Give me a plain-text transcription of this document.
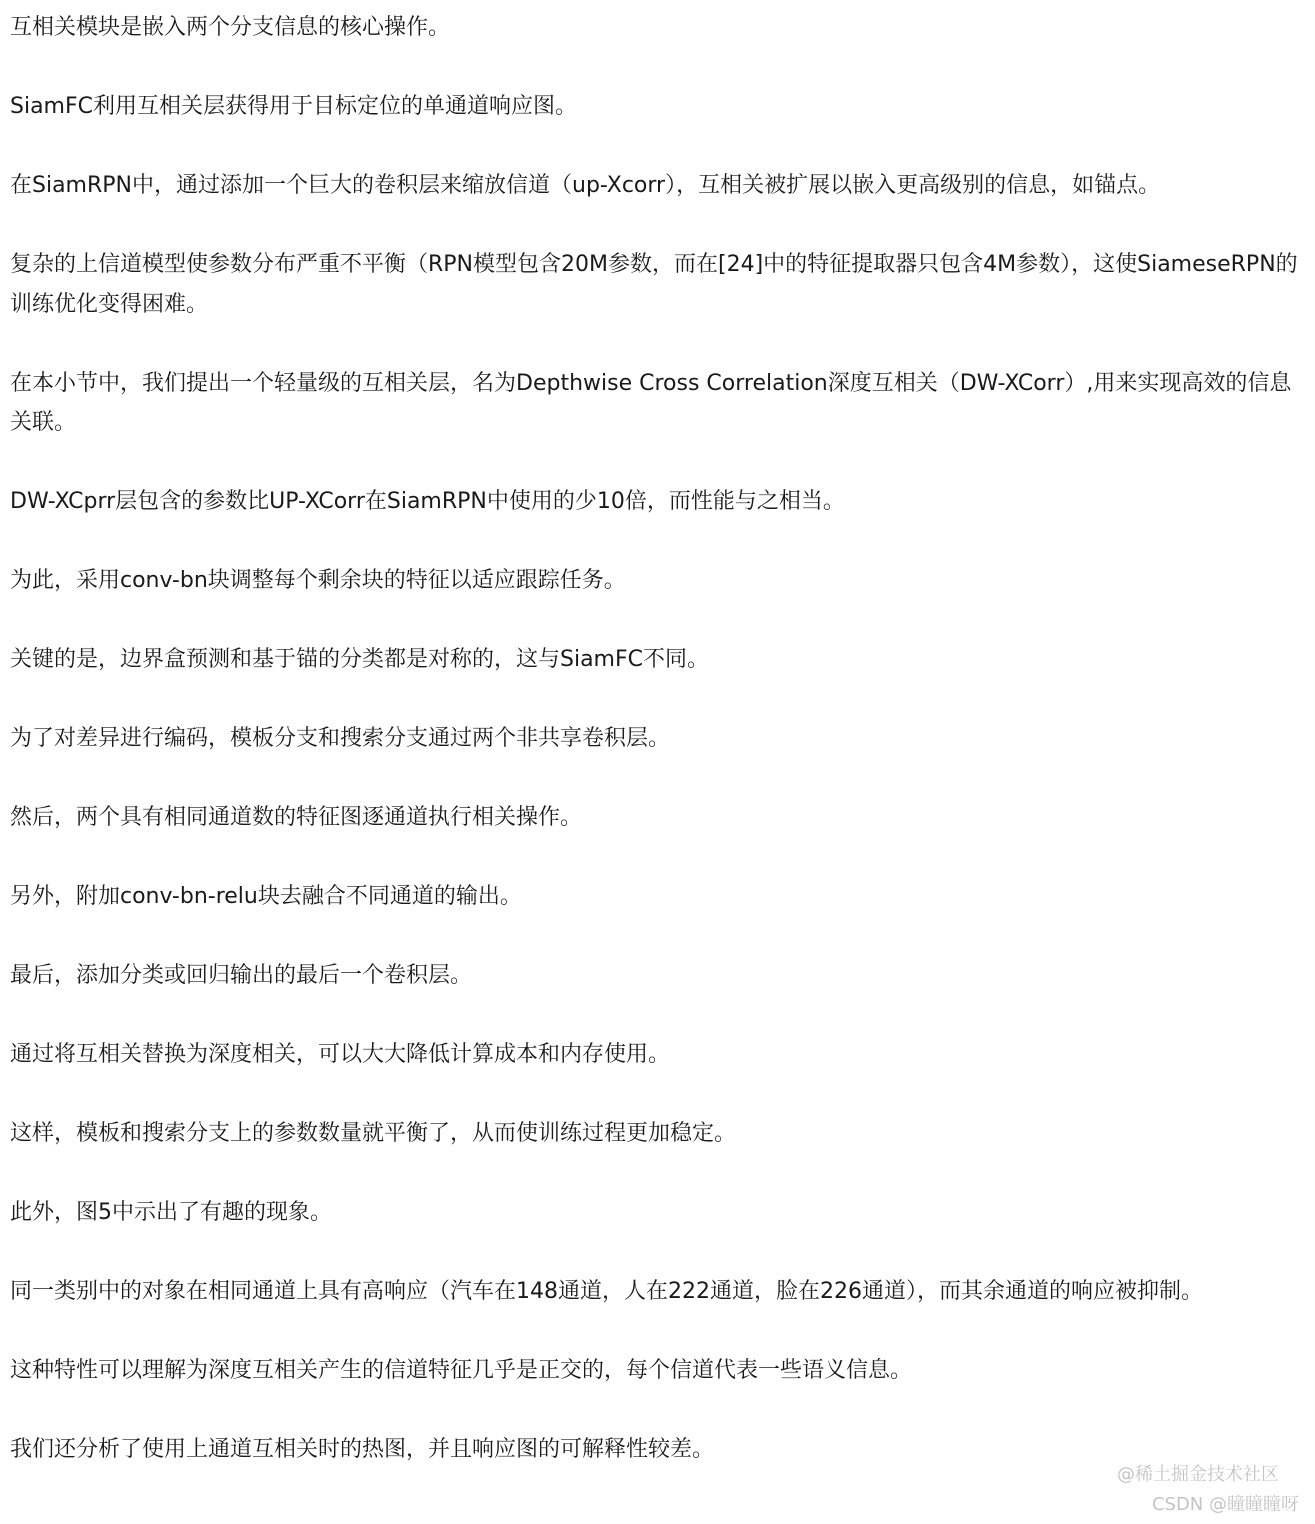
互相关模块是嵌入两个分支信息的核心操作。

SiamFC利用互相关层获得用于目标定位的单通道响应图。

在SiamRPN中，通过添加一个巨大的卷积层来缩放信道（up-Xcorr），互相关被扩展以嵌入更高级别的信息，如锚点。

复杂的上信道模型使参数分布严重不平衡（RPN模型包含20M参数，而在[24]中的特征提取器只包含4M参数），这使SiameseRPN的训练优化变得困难。

在本小节中，我们提出一个轻量级的互相关层，名为Depthwise Cross Correlation深度互相关（DW-XCorr）,用来实现高效的信息关联。

DW-XCprr层包含的参数比UP-XCorr在SiamRPN中使用的少10倍，而性能与之相当。

为此，采用conv-bn块调整每个剩余块的特征以适应跟踪任务。

关键的是，边界盒预测和基于锚的分类都是对称的，这与SiamFC不同。

为了对差异进行编码，模板分支和搜索分支通过两个非共享卷积层。

然后，两个具有相同通道数的特征图逐通道执行相关操作。

另外，附加conv-bn-relu块去融合不同通道的输出。

最后，添加分类或回归输出的最后一个卷积层。

通过将互相关替换为深度相关，可以大大降低计算成本和内存使用。

这样，模板和搜索分支上的参数数量就平衡了，从而使训练过程更加稳定。

此外，图5中示出了有趣的现象。

同一类别中的对象在相同通道上具有高响应（汽车在148通道，人在222通道，脸在226通道），而其余通道的响应被抑制。

这种特性可以理解为深度互相关产生的信道特征几乎是正交的，每个信道代表一些语义信息。

我们还分析了使用上通道互相关时的热图，并且响应图的可解释性较差。

@稀土掘金技术社区
CSDN @瞳瞳瞳呀
